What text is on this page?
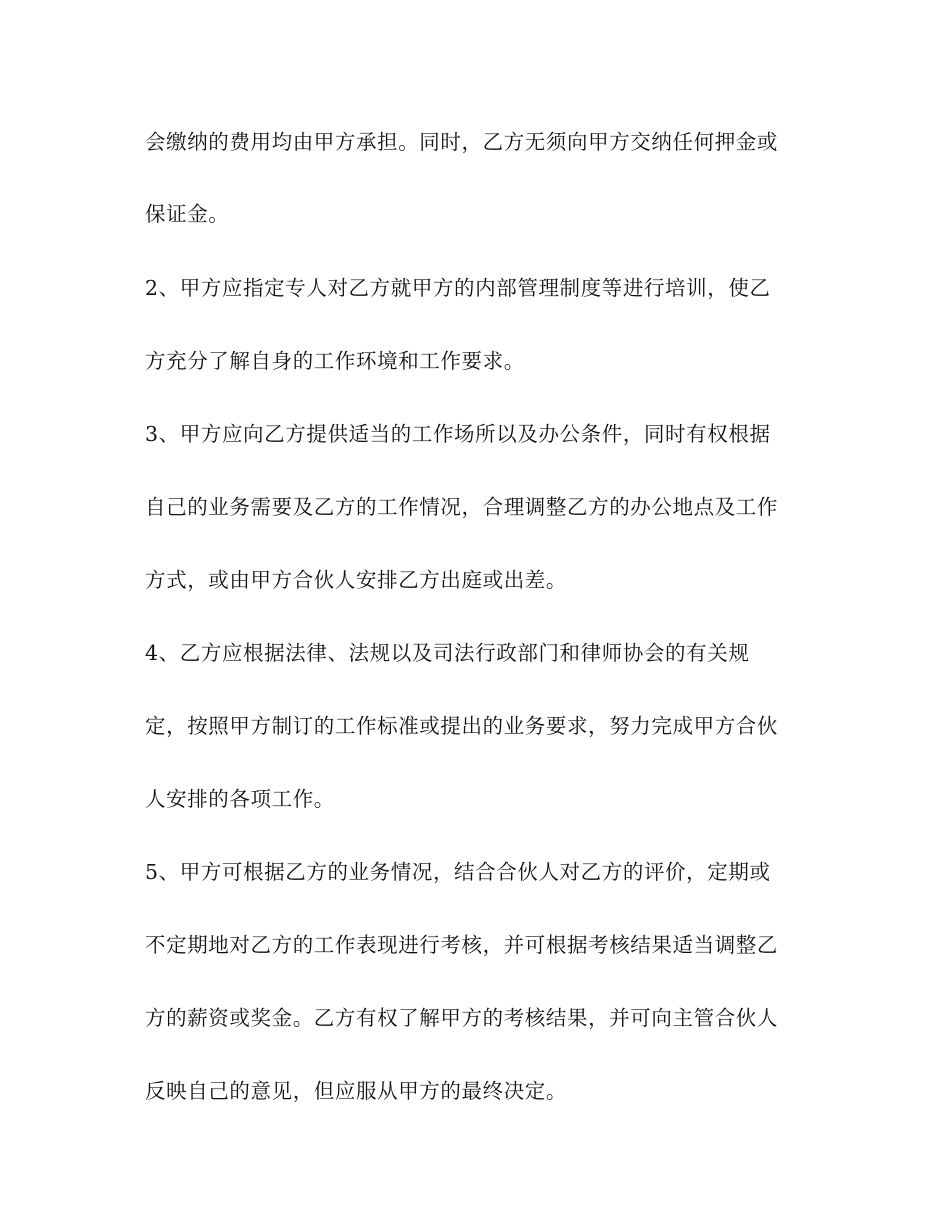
会缴纳的费用均由甲方承担。同时，乙方无须向甲方交纳任何押金或
保证金。
2、甲方应指定专人对乙方就甲方的内部管理制度等进行培训，使乙
方充分了解自身的工作环境和工作要求。
3、甲方应向乙方提供适当的工作场所以及办公条件，同时有权根据
自己的业务需要及乙方的工作情况，合理调整乙方的办公地点及工作
方式，或由甲方合伙人安排乙方出庭或出差。
4、乙方应根据法律、法规以及司法行政部门和律师协会的有关规
定，按照甲方制订的工作标准或提出的业务要求，努力完成甲方合伙
人安排的各项工作。
5、甲方可根据乙方的业务情况，结合合伙人对乙方的评价，定期或
不定期地对乙方的工作表现进行考核，并可根据考核结果适当调整乙
方的薪资或奖金。乙方有权了解甲方的考核结果，并可向主管合伙人
反映自己的意见，但应服从甲方的最终决定。
